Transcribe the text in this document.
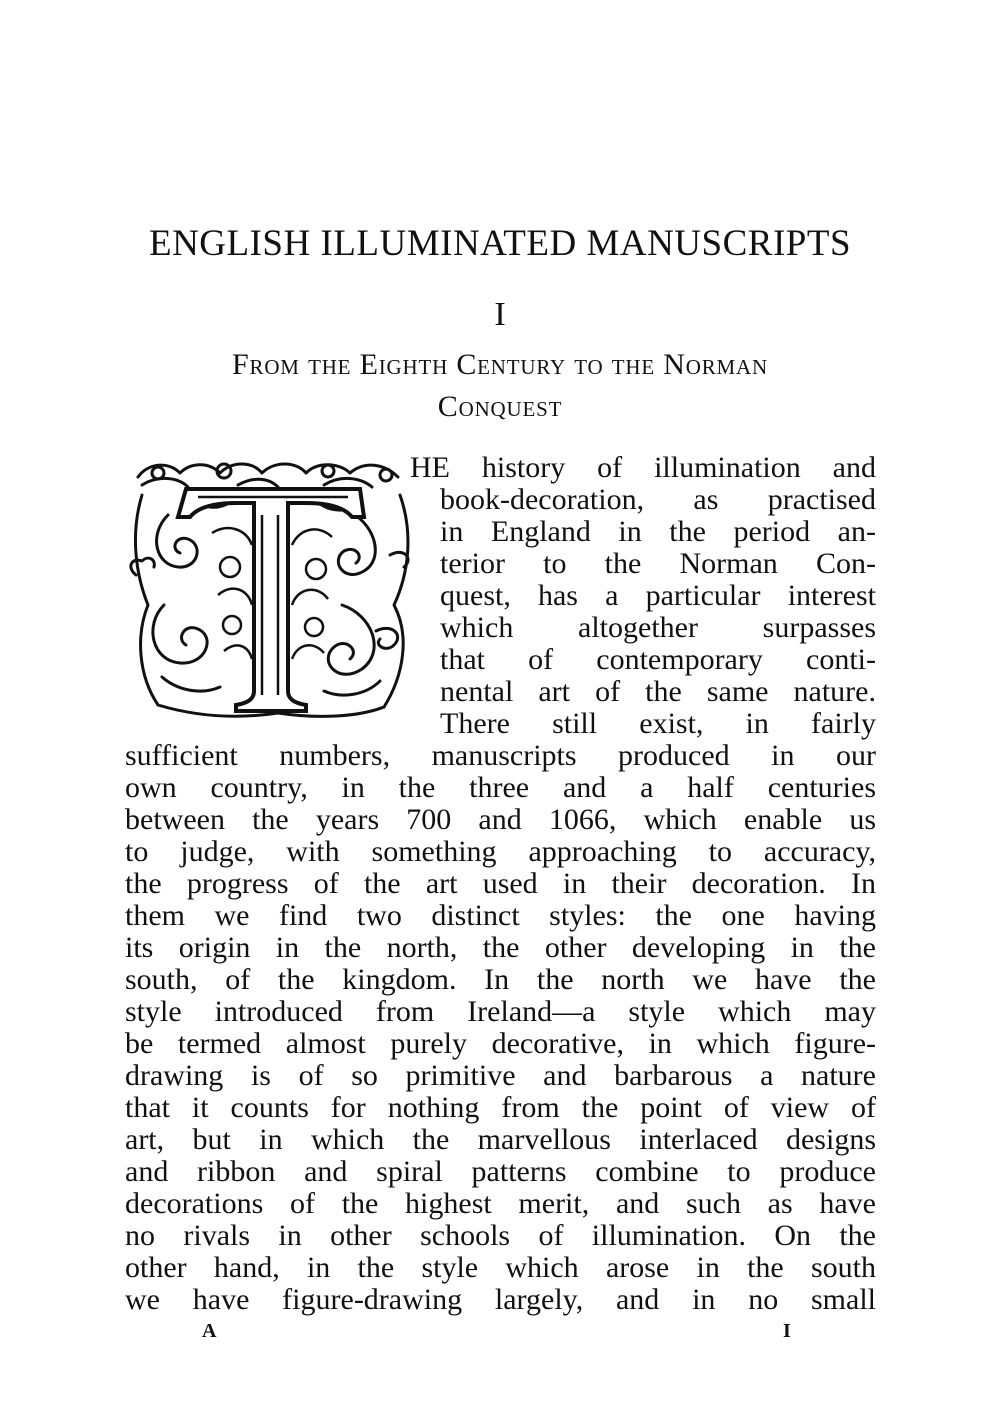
ENGLISH ILLUMINATED MANUSCRIPTS
I
From the Eighth Century to the Norman
Conquest
HE history of illumination and
book-decoration, as practised
in England in the period an-
terior to the Norman Con-
quest, has a particular interest
which altogether surpasses
that of contemporary conti-
nental art of the same nature.
There still exist, in fairly
sufficient numbers, manuscripts produced in our
own country, in the three and a half centuries
between the years 700 and 1066, which enable us
to judge, with something approaching to accuracy,
the progress of the art used in their decoration. In
them we find two distinct styles: the one having
its origin in the north, the other developing in the
south, of the kingdom. In the north we have the
style introduced from Ireland—a style which may
be termed almost purely decorative, in which figure-
drawing is of so primitive and barbarous a nature
that it counts for nothing from the point of view of
art, but in which the marvellous interlaced designs
and ribbon and spiral patterns combine to produce
decorations of the highest merit, and such as have
no rivals in other schools of illumination. On the
other hand, in the style which arose in the south
we have figure-drawing largely, and in no small
A	I
